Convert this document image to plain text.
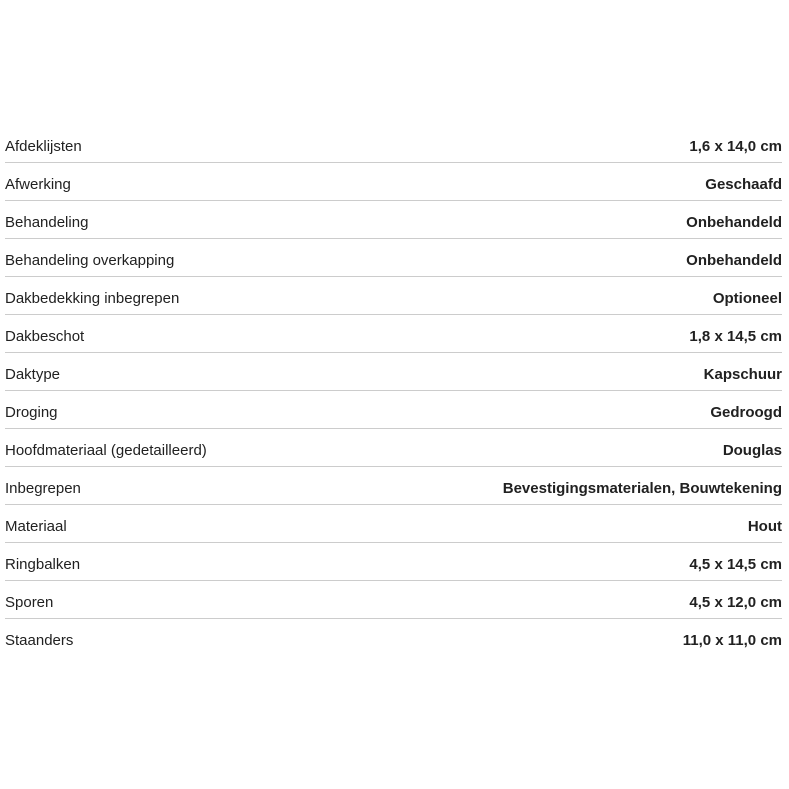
Afdeklijsten	1,6 x 14,0 cm
Afwerking	Geschaafd
Behandeling	Onbehandeld
Behandeling overkapping	Onbehandeld
Dakbedekking inbegrepen	Optioneel
Dakbeschot	1,8 x 14,5 cm
Daktype	Kapschuur
Droging	Gedroogd
Hoofdmateriaal (gedetailleerd)	Douglas
Inbegrepen	Bevestigingsmaterialen, Bouwtekening
Materiaal	Hout
Ringbalken	4,5 x 14,5 cm
Sporen	4,5 x 12,0 cm
Staanders	11,0 x 11,0 cm
